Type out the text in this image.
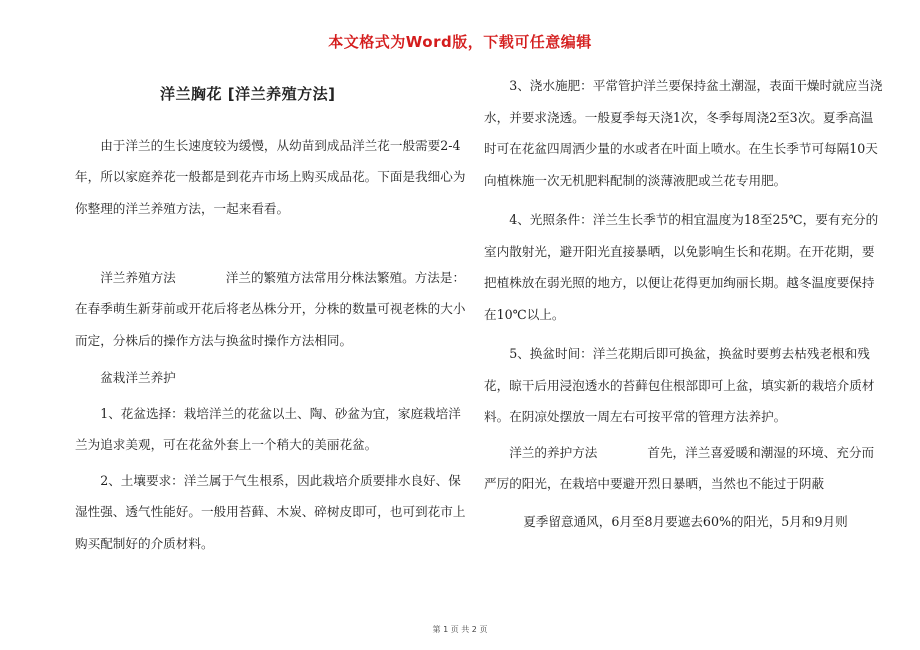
本文格式为Word版，下载可任意编辑
洋兰胸花 [洋兰养殖方法]

由于洋兰的生长速度较为缓慢，从幼苗到成品洋兰花一般需要2-4年，所以家庭养花一般都是到花卉市场上购买成品花。下面是我细心为你整理的洋兰养殖方法，一起来看看。

洋兰养殖方法	洋兰的繁殖方法常用分株法繁殖。方法是：在春季萌生新芽前或开花后将老丛株分开，分株的数量可视老株的大小而定，分株后的操作方法与换盆时操作方法相同。

盆栽洋兰养护

1、花盆选择：栽培洋兰的花盆以土、陶、砂盆为宜，家庭栽培洋兰为追求美观，可在花盆外套上一个稍大的美丽花盆。

2、土壤要求：洋兰属于气生根系，因此栽培介质要排水良好、保湿性强、透气性能好。一般用苔藓、木炭、碎树皮即可，也可到花市上购买配制好的介质材料。

3、浇水施肥：平常管护洋兰要保持盆土潮湿，表面干燥时就应当浇水，并要求浇透。一般夏季每天浇1次，冬季每周浇2至3次。夏季高温时可在花盆四周洒少量的水或者在叶面上喷水。在生长季节可每隔10天向植株施一次无机肥料配制的淡薄液肥或兰花专用肥。

4、光照条件：洋兰生长季节的相宜温度为18至25℃，要有充分的室内散射光，避开阳光直接暴晒，以免影响生长和花期。在开花期，要把植株放在弱光照的地方，以便让花得更加绚丽长期。越冬温度要保持在10℃以上。

5、换盆时间：洋兰花期后即可换盆，换盆时要剪去枯残老根和残花，晾干后用浸泡透水的苔藓包住根部即可上盆，填实新的栽培介质材料。在阴凉处摆放一周左右可按平常的管理方法养护。

洋兰的养护方法	首先，洋兰喜爱暖和潮湿的环境、充分而严厉的阳光，在栽培中要避开烈日暴晒，当然也不能过于阴蔽

夏季留意通风，6月至8月要遮去60%的阳光，5月和9月则

第 1 页 共 2 页
